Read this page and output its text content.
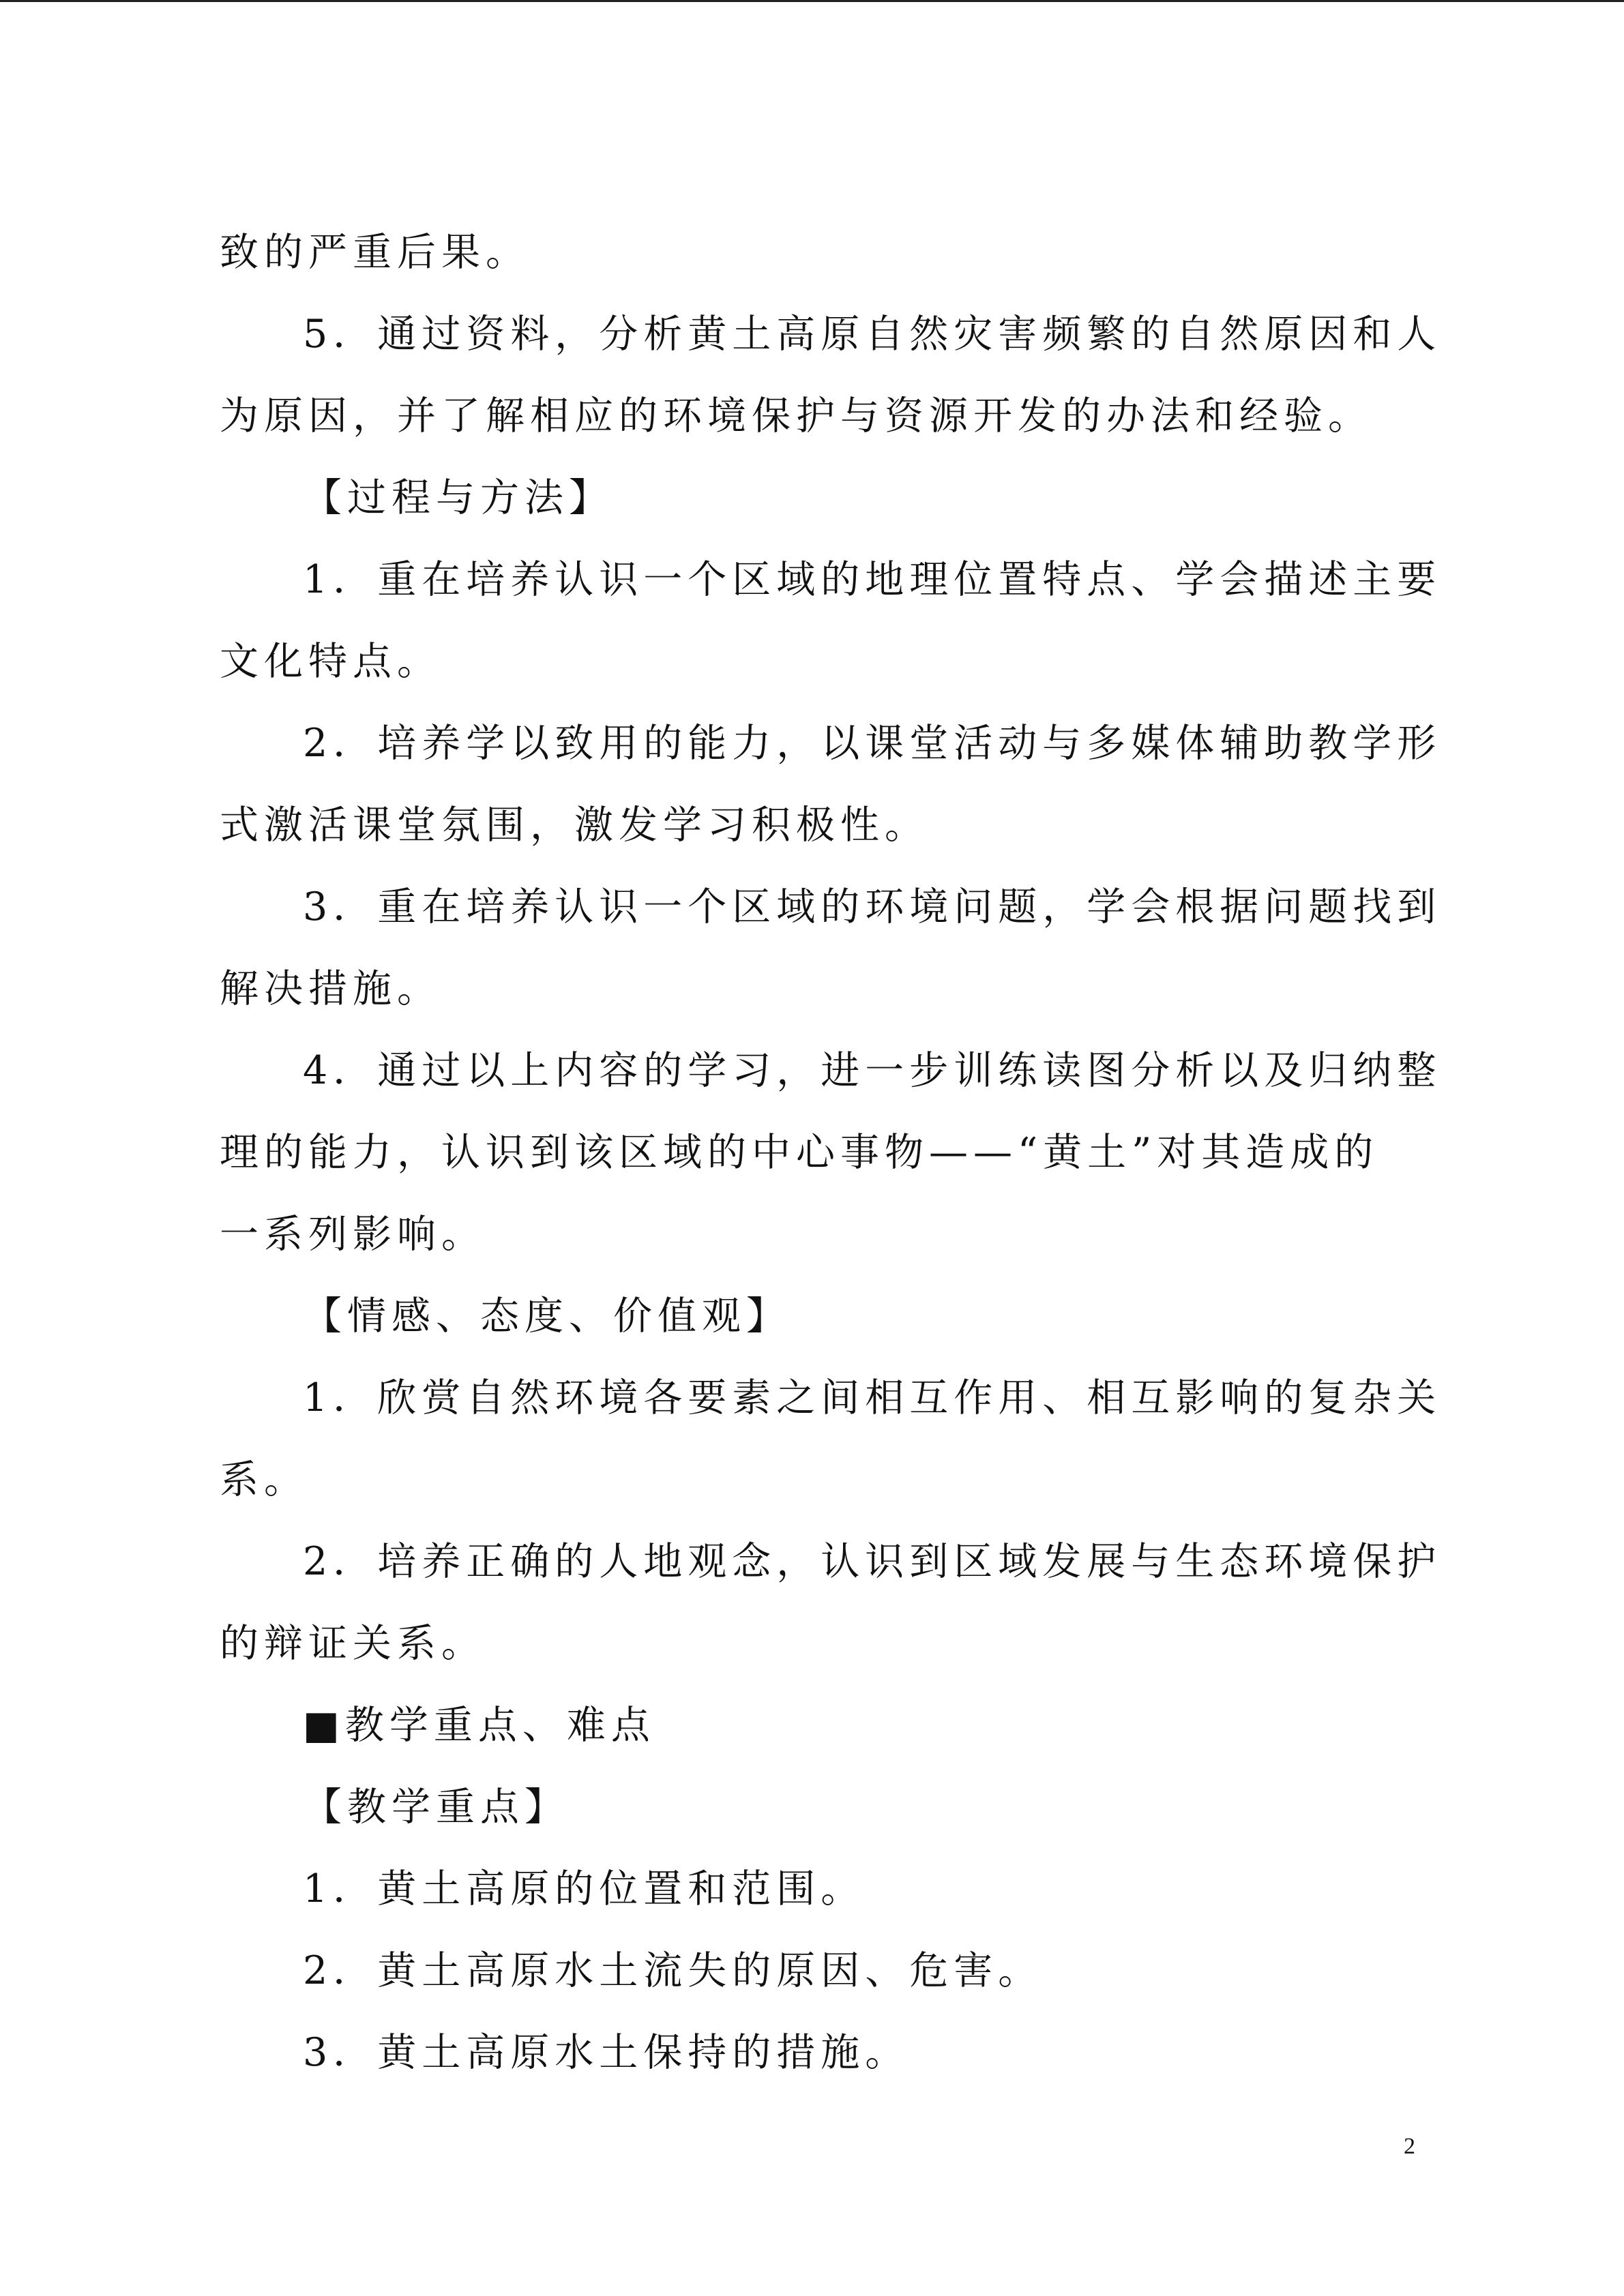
致的严重后果。
5．通过资料，分析黄土高原自然灾害频繁的自然原因和人
为原因，并了解相应的环境保护与资源开发的办法和经验。
【过程与方法】
1．重在培养认识一个区域的地理位置特点、学会描述主要
文化特点。
2．培养学以致用的能力，以课堂活动与多媒体辅助教学形
式激活课堂氛围，激发学习积极性。
3．重在培养认识一个区域的环境问题，学会根据问题找到
解决措施。
4．通过以上内容的学习，进一步训练读图分析以及归纳整
理的能力，认识到该区域的中心事物——“黄土”对其造成的
一系列影响。
【情感、态度、价值观】
1．欣赏自然环境各要素之间相互作用、相互影响的复杂关
系。
2．培养正确的人地观念，认识到区域发展与生态环境保护
的辩证关系。
■教学重点、难点
【教学重点】
1．黄土高原的位置和范围。
2．黄土高原水土流失的原因、危害。
3．黄土高原水土保持的措施。
2
